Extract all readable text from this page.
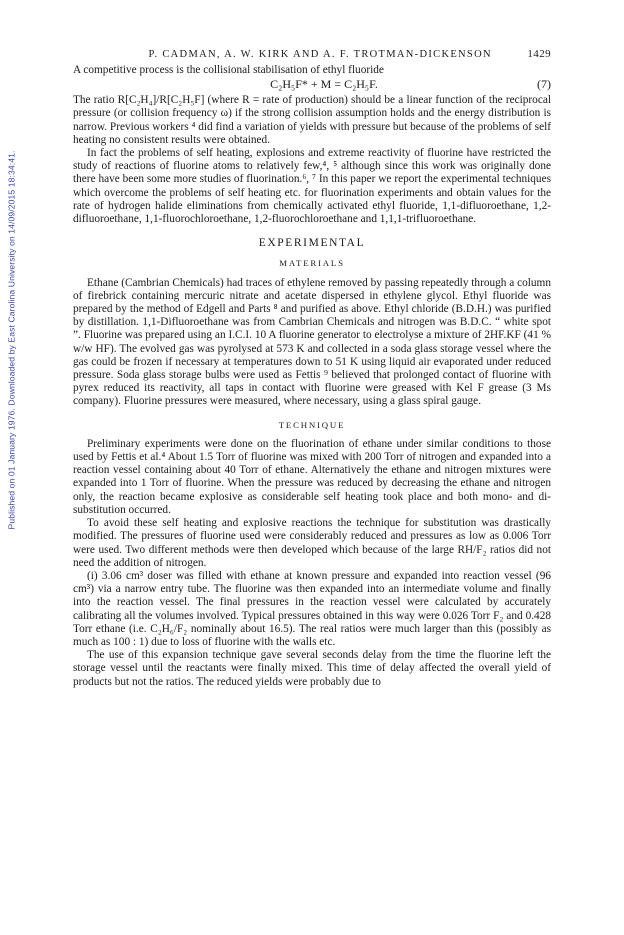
Published on 01 January 1976. Downloaded by East Carolina University on 14/09/2015 18:34:41.
P. CADMAN, A. W. KIRK AND A. F. TROTMAN-DICKENSON	1429

A competitive process is the collisional stabilisation of ethyl fluoride

C₂H₅F* + M = C₂H₅F.	(7)

The ratio R[C₂H₄]/R[C₂H₅F] (where R = rate of production) should be a linear function of the reciprocal pressure (or collision frequency ω) if the strong collision assumption holds and the energy distribution is narrow. Previous workers ⁴ did find a variation of yields with pressure but because of the problems of self heating no consistent results were obtained.

In fact the problems of self heating, explosions and extreme reactivity of fluorine have restricted the study of reactions of fluorine atoms to relatively few,⁴, ⁵ although since this work was originally done there have been some more studies of fluorination.⁶, ⁷ In this paper we report the experimental techniques which overcome the problems of self heating etc. for fluorination experiments and obtain values for the rate of hydrogen halide eliminations from chemically activated ethyl fluoride, 1,1-difluoroethane, 1,2-difluoroethane, 1,1-fluorochloroethane, 1,2-fluorochloroethane and 1,1,1-trifluoroethane.

EXPERIMENTAL
MATERIALS

Ethane (Cambrian Chemicals) had traces of ethylene removed by passing repeatedly through a column of firebrick containing mercuric nitrate and acetate dispersed in ethylene glycol. Ethyl fluoride was prepared by the method of Edgell and Parts ⁸ and purified as above. Ethyl chloride (B.D.H.) was purified by distillation. 1,1-Difluoroethane was from Cambrian Chemicals and nitrogen was B.D.C. “ white spot ”. Fluorine was prepared using an I.C.I. 10 A fluorine generator to electrolyse a mixture of 2HF.KF (41 % w/w HF). The evolved gas was pyrolysed at 573 K and collected in a soda glass storage vessel where the gas could be frozen if necessary at temperatures down to 51 K using liquid air evaporated under reduced pressure. Soda glass storage bulbs were used as Fettis ⁹ believed that prolonged contact of fluorine with pyrex reduced its reactivity, all taps in contact with fluorine were greased with Kel F grease (3 Ms company). Fluorine pressures were measured, where necessary, using a glass spiral gauge.

TECHNIQUE

Preliminary experiments were done on the fluorination of ethane under similar conditions to those used by Fettis et al.⁴ About 1.5 Torr of fluorine was mixed with 200 Torr of nitrogen and expanded into a reaction vessel containing about 40 Torr of ethane. Alternatively the ethane and nitrogen mixtures were expanded into 1 Torr of fluorine. When the pressure was reduced by decreasing the ethane and nitrogen only, the reaction became explosive as considerable self heating took place and both mono- and di-substitution occurred.

To avoid these self heating and explosive reactions the technique for substitution was drastically modified. The pressures of fluorine used were considerably reduced and pressures as low as 0.006 Torr were used. Two different methods were then developed which because of the large RH/F₂ ratios did not need the addition of nitrogen.

(i) 3.06 cm³ doser was filled with ethane at known pressure and expanded into reaction vessel (96 cm³) via a narrow entry tube. The fluorine was then expanded into an intermediate volume and finally into the reaction vessel. The final pressures in the reaction vessel were calculated by accurately calibrating all the volumes involved. Typical pressures obtained in this way were 0.026 Torr F₂ and 0.428 Torr ethane (i.e. C₂H₆/F₂ nominally about 16.5). The real ratios were much larger than this (possibly as much as 100 : 1) due to loss of fluorine with the walls etc.

The use of this expansion technique gave several seconds delay from the time the fluorine left the storage vessel until the reactants were finally mixed. This time of delay affected the overall yield of products but not the ratios. The reduced yields were probably due to
